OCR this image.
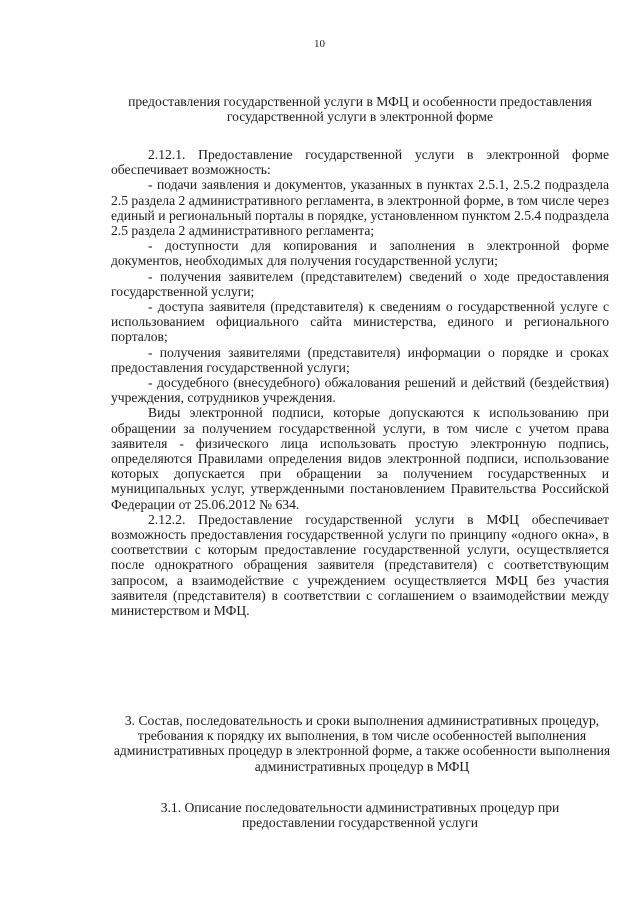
10
предоставления государственной услуги в МФЦ и особенности предоставления государственной услуги в электронной форме

2.12.1. Предоставление государственной услуги в электронной форме обеспечивает возможность:

- подачи заявления и документов, указанных в пунктах 2.5.1, 2.5.2 подраздела 2.5 раздела 2 административного регламента, в электронной форме, в том числе через единый и региональный порталы в порядке, установленном пунктом 2.5.4 подраздела 2.5 раздела 2 административного регламента;

- доступности для копирования и заполнения в электронной форме документов, необходимых для получения государственной услуги;

- получения заявителем (представителем) сведений о ходе предоставления государственной услуги;

- доступа заявителя (представителя) к сведениям о государственной услуге с использованием официального сайта министерства, единого и регионального порталов;

- получения заявителями (представителя) информации о порядке и сроках предоставления государственной услуги;

- досудебного (внесудебного) обжалования решений и действий (бездействия) учреждения, сотрудников учреждения.

Виды электронной подписи, которые допускаются к использованию при обращении за получением государственной услуги, в том числе с учетом права заявителя - физического лица использовать простую электронную подпись, определяются Правилами определения видов электронной подписи, использование которых допускается при обращении за получением государственных и муниципальных услуг, утвержденными постановлением Правительства Российской Федерации от 25.06.2012 № 634.

2.12.2. Предоставление государственной услуги в МФЦ обеспечивает возможность предоставления государственной услуги по принципу «одного окна», в соответствии с которым предоставление государственной услуги, осуществляется после однократного обращения заявителя (представителя) с соответствующим запросом, а взаимодействие с учреждением осуществляется МФЦ без участия заявителя (представителя) в соответствии с соглашением о взаимодействии между министерством и МФЦ.

3. Состав, последовательность и сроки выполнения административных процедур, требования к порядку их выполнения, в том числе особенностей выполнения административных процедур в электронной форме, а также особенности выполнения административных процедур в МФЦ
3.1. Описание последовательности административных процедур при предоставлении государственной услуги
